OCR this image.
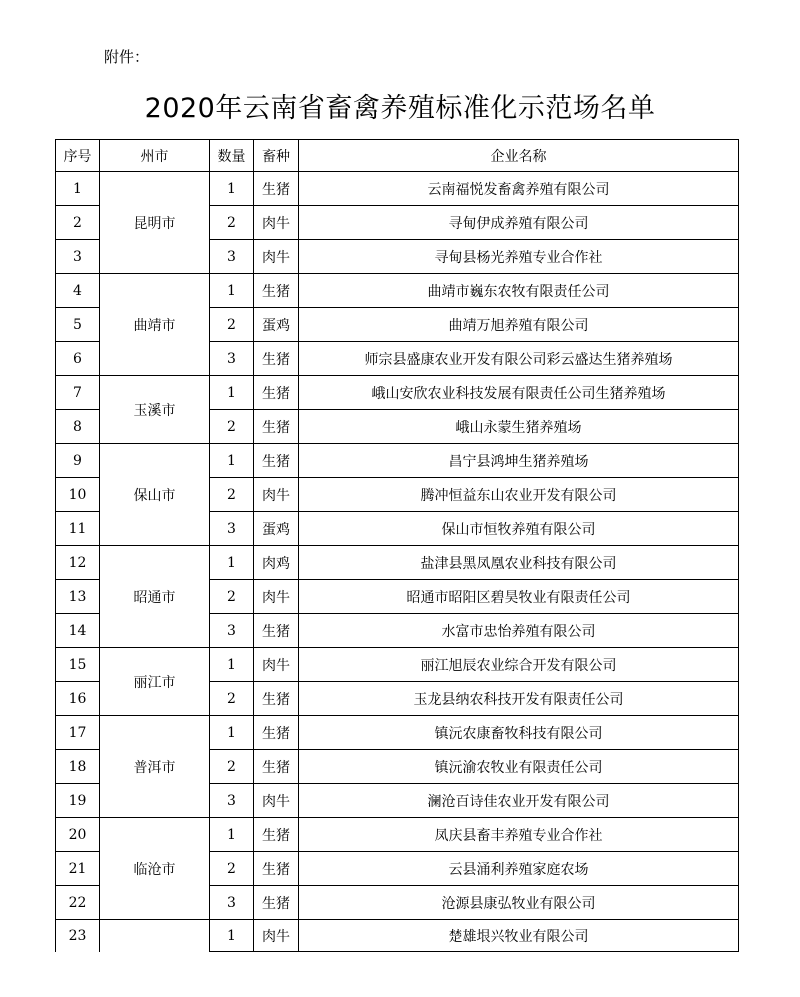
附件：
2020年云南省畜禽养殖标准化示范场名单
序号	州市	数量	畜种	企业名称
1	昆明市	1	生猪	云南福悦发畜禽养殖有限公司
2		2	肉牛	寻甸伊成养殖有限公司
3		3	肉牛	寻甸县杨光养殖专业合作社
4	曲靖市	1	生猪	曲靖市巍东农牧有限责任公司
5		2	蛋鸡	曲靖万旭养殖有限公司
6		3	生猪	师宗县盛康农业开发有限公司彩云盛达生猪养殖场
7	玉溪市	1	生猪	峨山安欣农业科技发展有限责任公司生猪养殖场
8		2	生猪	峨山永蒙生猪养殖场
9	保山市	1	生猪	昌宁县鸿坤生猪养殖场
10		2	肉牛	腾冲恒益东山农业开发有限公司
11		3	蛋鸡	保山市恒牧养殖有限公司
12	昭通市	1	肉鸡	盐津县黑凤凰农业科技有限公司
13		2	肉牛	昭通市昭阳区碧昊牧业有限责任公司
14		3	生猪	水富市忠怡养殖有限公司
15	丽江市	1	肉牛	丽江旭辰农业综合开发有限公司
16		2	生猪	玉龙县纳农科技开发有限责任公司
17	普洱市	1	生猪	镇沅农康畜牧科技有限公司
18		2	生猪	镇沅渝农牧业有限责任公司
19		3	肉牛	澜沧百诗佳农业开发有限公司
20	临沧市	1	生猪	凤庆县畜丰养殖专业合作社
21		2	生猪	云县涌利养殖家庭农场
22		3	生猪	沧源县康弘牧业有限公司
23		1	肉牛	楚雄垠兴牧业有限公司
